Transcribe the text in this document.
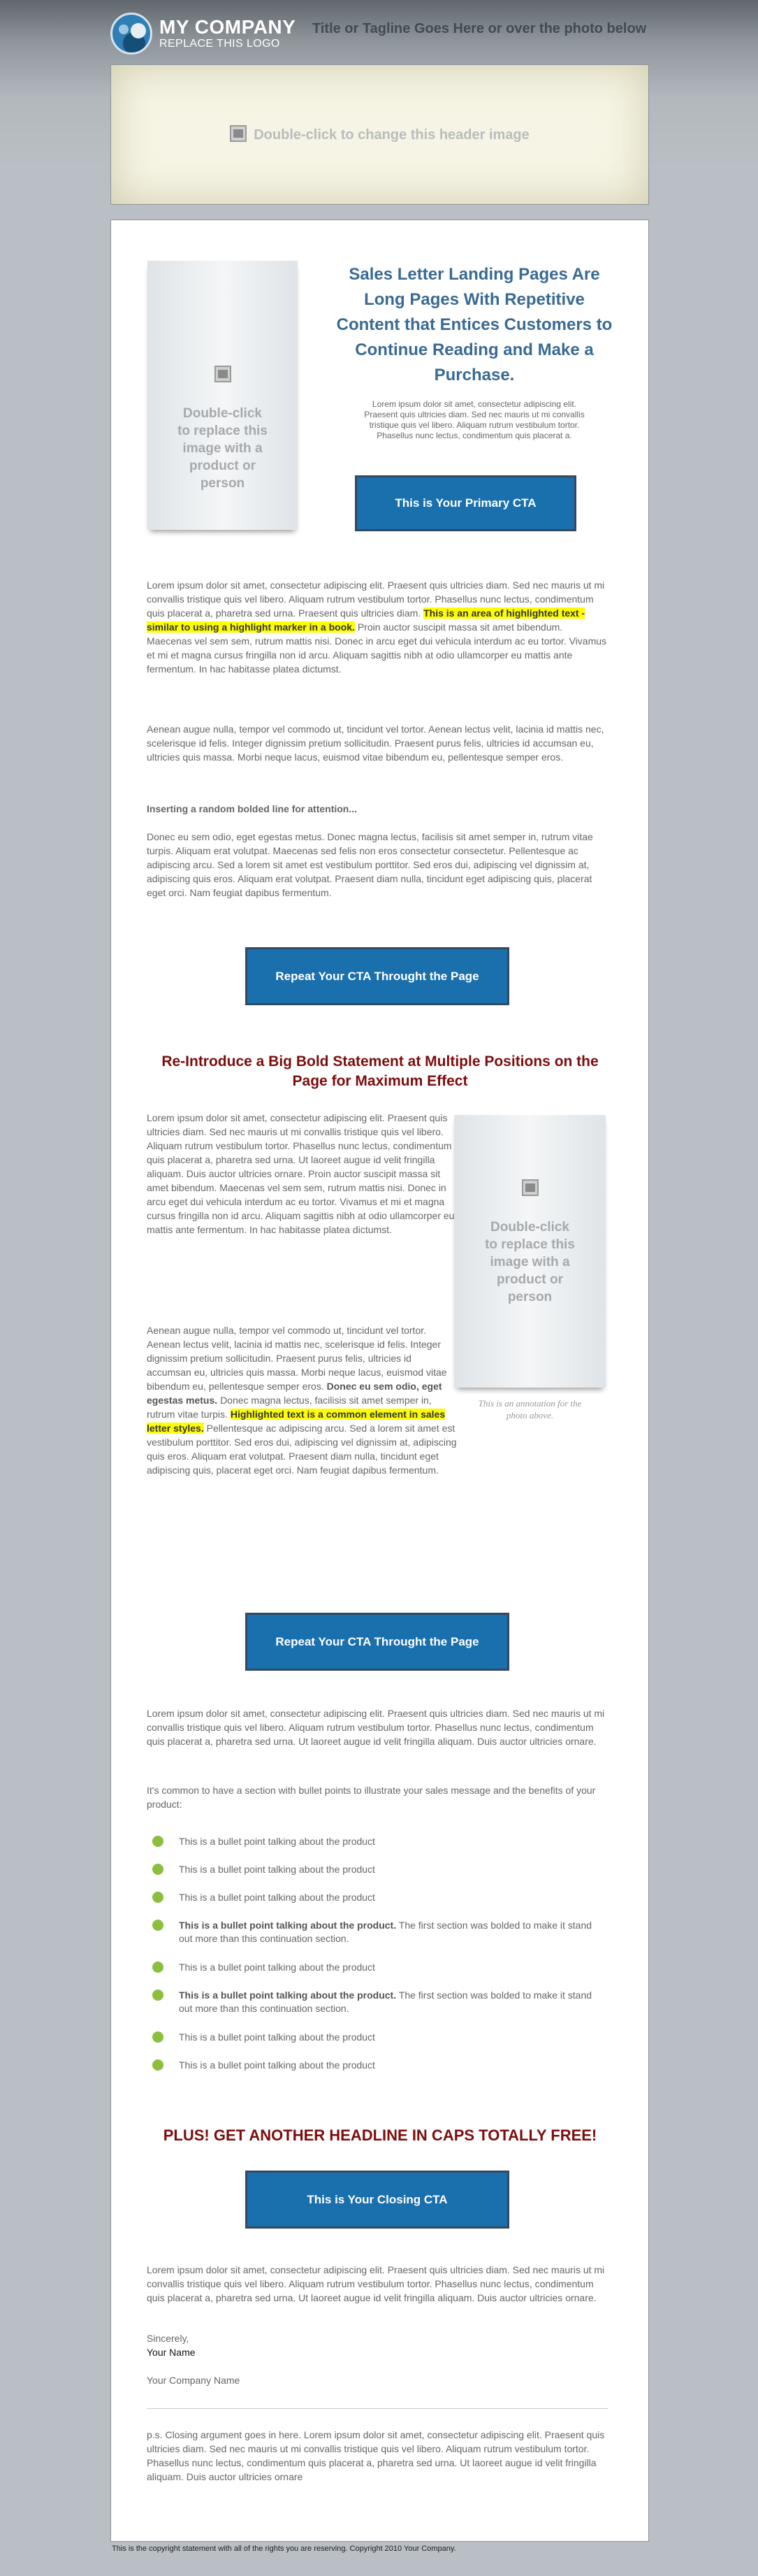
MY COMPANY
REPLACE THIS LOGO
Title or Tagline Goes Here or over the photo below
Double-click to change this header image
Double-click
to replace this
image with a
product or
person
Sales Letter Landing Pages Are
Long Pages With Repetitive
Content that Entices Customers to
Continue Reading and Make a
Purchase.
Lorem ipsum dolor sit amet, consectetur adipiscing elit.
Praesent quis ultricies diam. Sed nec mauris ut mi convallis
tristique quis vel libero. Aliquam rutrum vestibulum tortor.
Phasellus nunc lectus, condimentum quis placerat a.
This is Your Primary CTA
Lorem ipsum dolor sit amet, consectetur adipiscing elit. Praesent quis ultricies diam. Sed nec mauris ut mi convallis tristique quis vel libero. Aliquam rutrum vestibulum tortor. Phasellus nunc lectus, condimentum quis placerat a, pharetra sed urna. Praesent quis ultricies diam. This is an area of highlighted text - similar to using a highlight marker in a book. Proin auctor suscipit massa sit amet bibendum. Maecenas vel sem sem, rutrum mattis nisi. Donec in arcu eget dui vehicula interdum ac eu tortor. Vivamus et mi et magna cursus fringilla non id arcu. Aliquam sagittis nibh at odio ullamcorper eu mattis ante fermentum. In hac habitasse platea dictumst.
Aenean augue nulla, tempor vel commodo ut, tincidunt vel tortor. Aenean lectus velit, lacinia id mattis nec, scelerisque id felis. Integer dignissim pretium sollicitudin. Praesent purus felis, ultricies id accumsan eu, ultricies quis massa. Morbi neque lacus, euismod vitae bibendum eu, pellentesque semper eros.
Inserting a random bolded line for attention...
Donec eu sem odio, eget egestas metus. Donec magna lectus, facilisis sit amet semper in, rutrum vitae turpis. Aliquam erat volutpat. Maecenas sed felis non eros consectetur consectetur. Pellentesque ac adipiscing arcu. Sed a lorem sit amet est vestibulum porttitor. Sed eros dui, adipiscing vel dignissim at, adipiscing quis eros. Aliquam erat volutpat. Praesent diam nulla, tincidunt eget adipiscing quis, placerat eget orci. Nam feugiat dapibus fermentum.
Repeat Your CTA Throught the Page
Re-Introduce a Big Bold Statement at Multiple Positions on the
Page for Maximum Effect
Lorem ipsum dolor sit amet, consectetur adipiscing elit. Praesent quis ultricies diam. Sed nec mauris ut mi convallis tristique quis vel libero. Aliquam rutrum vestibulum tortor. Phasellus nunc lectus, condimentum quis placerat a, pharetra sed urna. Ut laoreet augue id velit fringilla aliquam. Duis auctor ultricies ornare. Proin auctor suscipit massa sit amet bibendum. Maecenas vel sem sem, rutrum mattis nisi. Donec in arcu eget dui vehicula interdum ac eu tortor. Vivamus et mi et magna cursus fringilla non id arcu. Aliquam sagittis nibh at odio ullamcorper eu mattis ante fermentum. In hac habitasse platea dictumst.
Aenean augue nulla, tempor vel commodo ut, tincidunt vel tortor. Aenean lectus velit, lacinia id mattis nec, scelerisque id felis. Integer dignissim pretium sollicitudin. Praesent purus felis, ultricies id accumsan eu, ultricies quis massa. Morbi neque lacus, euismod vitae bibendum eu, pellentesque semper eros. Donec eu sem odio, eget egestas metus. Donec magna lectus, facilisis sit amet semper in, rutrum vitae turpis. Highlighted text is a common element in sales letter styles. Pellentesque ac adipiscing arcu. Sed a lorem sit amet est vestibulum porttitor. Sed eros dui, adipiscing vel dignissim at, adipiscing quis eros. Aliquam erat volutpat. Praesent diam nulla, tincidunt eget adipiscing quis, placerat eget orci. Nam feugiat dapibus fermentum.
Double-click
to replace this
image with a
product or
person
This is an annotation for the
photo above.
Repeat Your CTA Throught the Page
Lorem ipsum dolor sit amet, consectetur adipiscing elit. Praesent quis ultricies diam. Sed nec mauris ut mi convallis tristique quis vel libero. Aliquam rutrum vestibulum tortor. Phasellus nunc lectus, condimentum quis placerat a, pharetra sed urna. Ut laoreet augue id velit fringilla aliquam. Duis auctor ultricies ornare.
It's common to have a section with bullet points to illustrate your sales message and the benefits of your product:
This is a bullet point talking about the product
This is a bullet point talking about the product
This is a bullet point talking about the product
This is a bullet point talking about the product. The first section was bolded to make it stand out more than this continuation section.
This is a bullet point talking about the product
This is a bullet point talking about the product. The first section was bolded to make it stand out more than this continuation section.
This is a bullet point talking about the product
This is a bullet point talking about the product
PLUS! GET ANOTHER HEADLINE IN CAPS TOTALLY FREE!
This is Your Closing CTA
Lorem ipsum dolor sit amet, consectetur adipiscing elit. Praesent quis ultricies diam. Sed nec mauris ut mi convallis tristique quis vel libero. Aliquam rutrum vestibulum tortor. Phasellus nunc lectus, condimentum quis placerat a, pharetra sed urna. Ut laoreet augue id velit fringilla aliquam. Duis auctor ultricies ornare.
Sincerely,
Your Name
Your Company Name
p.s. Closing argument goes in here. Lorem ipsum dolor sit amet, consectetur adipiscing elit. Praesent quis ultricies diam. Sed nec mauris ut mi convallis tristique quis vel libero. Aliquam rutrum vestibulum tortor. Phasellus nunc lectus, condimentum quis placerat a, pharetra sed urna. Ut laoreet augue id velit fringilla aliquam. Duis auctor ultricies ornare
This is the copyright statement with all of the rights you are reserving. Copyright 2010 Your Company.
